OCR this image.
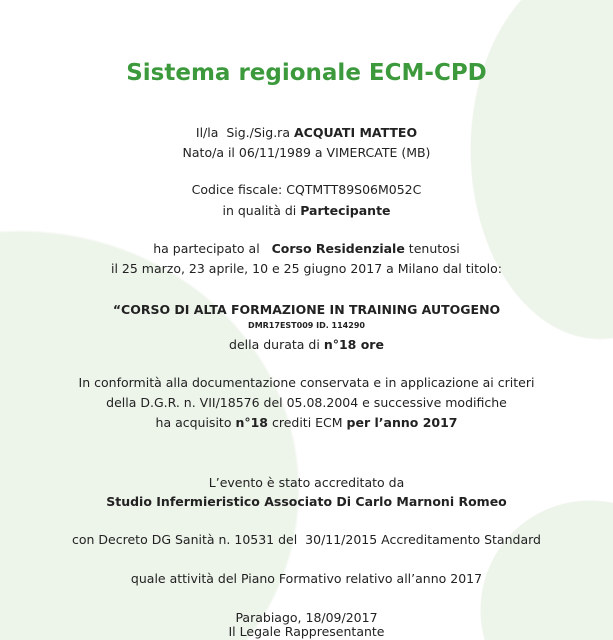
Sistema regionale ECM-CPD
Il/la  Sig./Sig.ra ACQUATI MATTEO
Nato/a il 06/11/1989 a VIMERCATE (MB)
Codice fiscale: CQTMTT89S06M052C
in qualità di Partecipante
ha partecipato al   Corso Residenziale tenutosi
il 25 marzo, 23 aprile, 10 e 25 giugno 2017 a Milano dal titolo:
“CORSO DI ALTA FORMAZIONE IN TRAINING AUTOGENO
DMR17EST009 ID. 114290
della durata di n°18 ore
In conformità alla documentazione conservata e in applicazione ai criteri
della D.G.R. n. VII/18576 del 05.08.2004 e successive modifiche
ha acquisito n°18 crediti ECM per l’anno 2017
L’evento è stato accreditato da
Studio Infermieristico Associato Di Carlo Marnoni Romeo
con Decreto DG Sanità n. 10531 del  30/11/2015 Accreditamento Standard
quale attività del Piano Formativo relativo all’anno 2017
Parabiago, 18/09/2017
Il Legale Rappresentante
